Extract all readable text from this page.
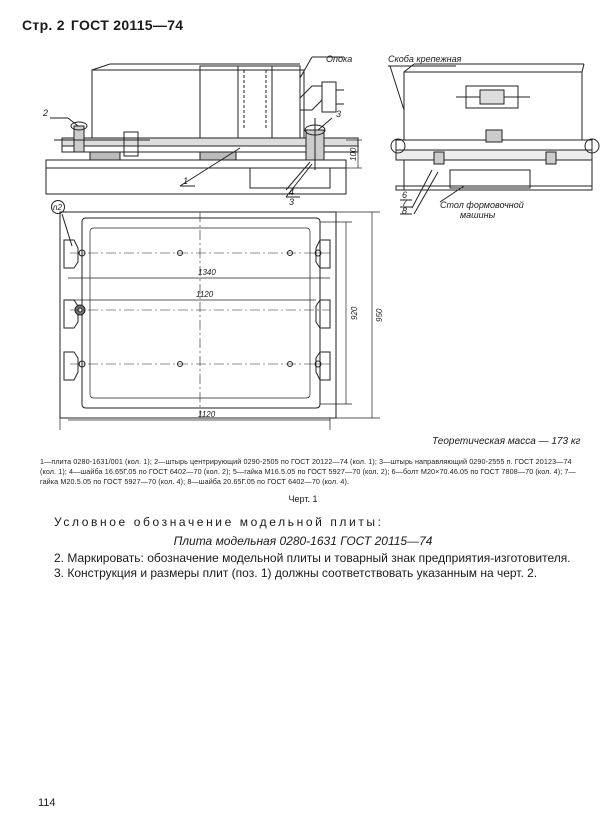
Стр. 2 ГОСТ 20115—74
Опока	Скоба крепежная
Стол формовочной
машины
n2
1
2	3
4
3
6
7
8
1340
1120
1120
920 950
100
Теоретическая масса — 173 кг
1—плита 0280-1631/001 (кол. 1); 2—штырь центрирующий 0290-2505 по ГОСТ 20122—74 (кол. 1); 3—штырь направляющий 0290-2555 п. ГОСТ 20123—74 (кол. 1); 4—шайба 16.65Г.05 по ГОСТ 6402—70 (кол. 2); 5—гайка М16.5.05 по ГОСТ 5927—70 (кол. 2); 6—болт М20×70.46.05 по ГОСТ 7808—70 (кол. 4); 7—гайка М20.5.05 по ГОСТ 5927—70 (кол. 4); 8—шайба 20.65Г.05 по ГОСТ 6402—70 (кол. 4).
Черт. 1
Условное обозначение модельной плиты:
Плита модельная 0280-1631 ГОСТ 20115—74
2. Маркировать: обозначение модельной плиты и товарный знак предприятия-изготовителя.
3. Конструкция и размеры плит (поз. 1) должны соответствовать указанным на черт. 2.
114
